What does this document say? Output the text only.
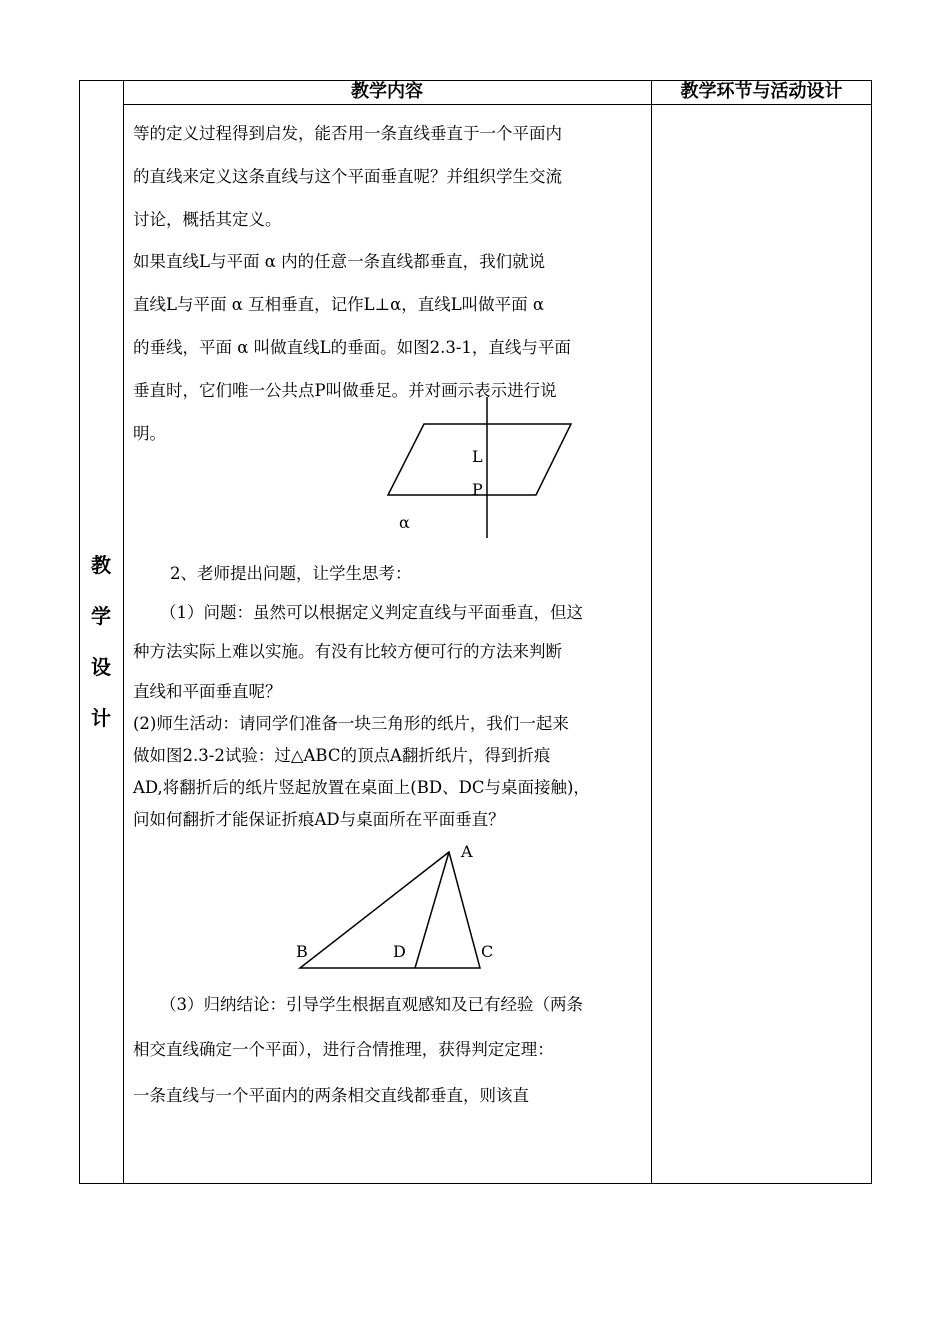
教学内容	教学环节与活动设计
教
学
设
计
等的定义过程得到启发，能否用一条直线垂直于一个平面内
的直线来定义这条直线与这个平面垂直呢？并组织学生交流
讨论，概括其定义。
如果直线L与平面 α 内的任意一条直线都垂直，我们就说
直线L与平面 α 互相垂直，记作L⊥α，直线L叫做平面 α
的垂线，平面 α 叫做直线L的垂面。如图2.3-1，直线与平面
垂直时，它们唯一公共点P叫做垂足。并对画示表示进行说
明。
L
P
α
2、老师提出问题，让学生思考：
（1）问题：虽然可以根据定义判定直线与平面垂直，但这
种方法实际上难以实施。有没有比较方便可行的方法来判断
直线和平面垂直呢？
(2)师生活动：请同学们准备一块三角形的纸片，我们一起来
做如图2.3-2试验：过△ABC的顶点A翻折纸片，得到折痕
AD,将翻折后的纸片竖起放置在桌面上(BD、DC与桌面接触)，
问如何翻折才能保证折痕AD与桌面所在平面垂直？
A
B	C
D
（3）归纳结论：引导学生根据直观感知及已有经验（两条
相交直线确定一个平面），进行合情推理，获得判定定理：
一条直线与一个平面内的两条相交直线都垂直，则该直
